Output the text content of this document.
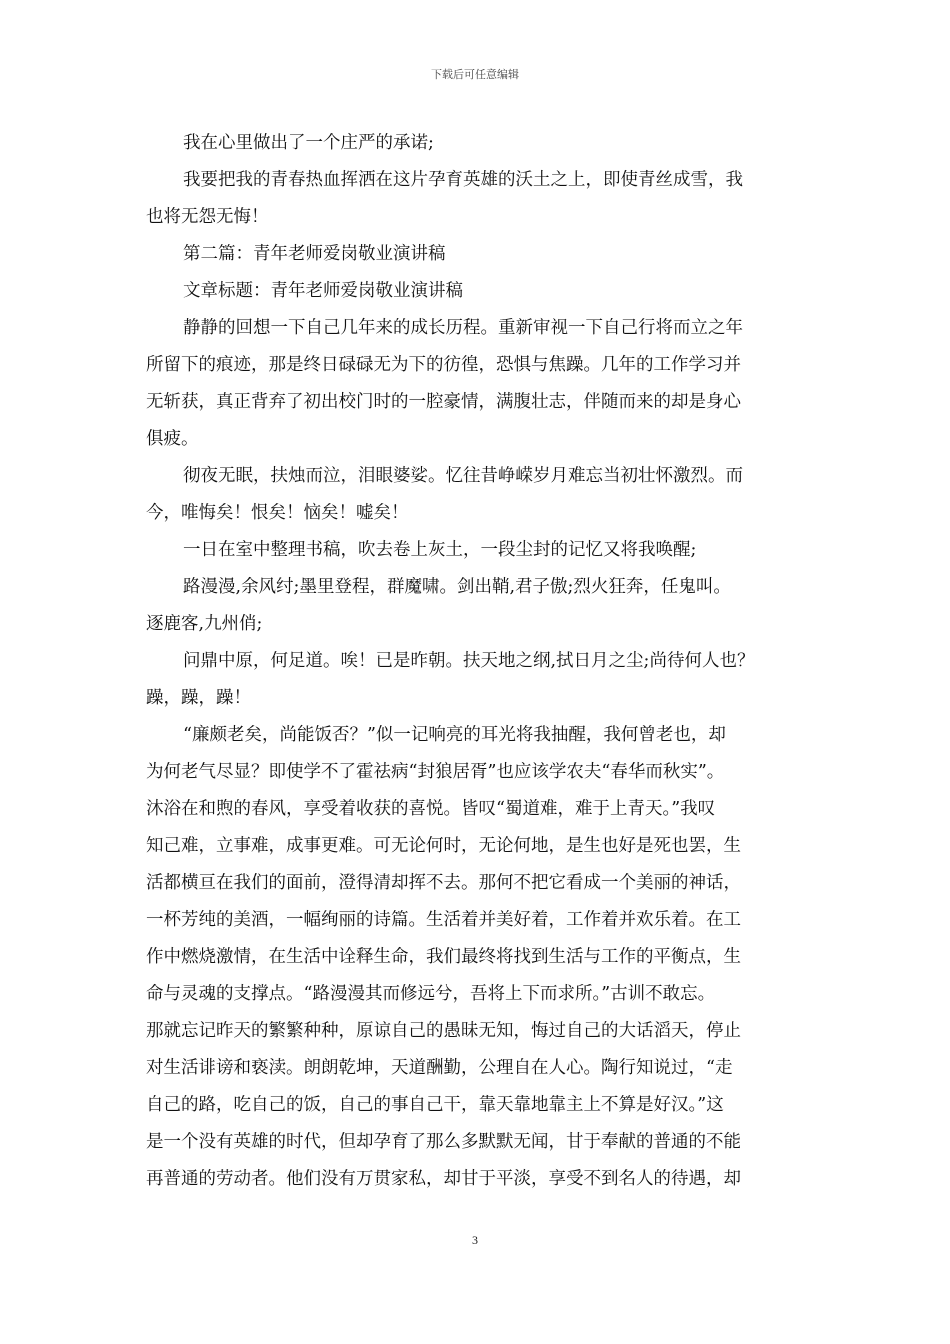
下载后可任意编辑
我在心里做出了一个庄严的承诺;
我要把我的青春热血挥洒在这片孕育英雄的沃土之上，即使青丝成雪，我
也将无怨无悔！
第二篇：青年老师爱岗敬业演讲稿
文章标题：青年老师爱岗敬业演讲稿
静静的回想一下自己几年来的成长历程。重新审视一下自己行将而立之年
所留下的痕迹，那是终日碌碌无为下的彷徨，恐惧与焦躁。几年的工作学习并
无斩获，真正背弃了初出校门时的一腔豪情，满腹壮志，伴随而来的却是身心
俱疲。
彻夜无眠，扶烛而泣，泪眼婆娑。忆往昔峥嵘岁月难忘当初壮怀激烈。而
今，唯悔矣！恨矣！恼矣！嘘矣！
一日在室中整理书稿，吹去卷上灰土，一段尘封的记忆又将我唤醒;
路漫漫,余风纣;墨里登程，群魔啸。剑出鞘,君子傲;烈火狂奔，任鬼叫。
逐鹿客,九州俏;
问鼎中原，何足道。唉！已是昨朝。扶天地之纲,拭日月之尘;尚待何人也？
躁，躁，躁！
“廉颇老矣，尚能饭否？”似一记响亮的耳光将我抽醒，我何曾老也，却
为何老气尽显？即使学不了霍祛病“封狼居胥”也应该学农夫“春华而秋实”。
沐浴在和煦的春风，享受着收获的喜悦。皆叹“蜀道难，难于上青天。”我叹
知己难，立事难，成事更难。可无论何时，无论何地，是生也好是死也罢，生
活都横亘在我们的面前，澄得清却挥不去。那何不把它看成一个美丽的神话，
一杯芳纯的美酒，一幅绚丽的诗篇。生活着并美好着，工作着并欢乐着。在工
作中燃烧激情，在生活中诠释生命，我们最终将找到生活与工作的平衡点，生
命与灵魂的支撑点。“路漫漫其而修远兮，吾将上下而求所。”古训不敢忘。
那就忘记昨天的繁繁种种，原谅自己的愚昧无知，悔过自己的大话滔天，停止
对生活诽谤和亵渎。朗朗乾坤，天道酬勤，公理自在人心。陶行知说过，“走
自己的路，吃自己的饭，自己的事自己干，靠天靠地靠主上不算是好汉。”这
是一个没有英雄的时代，但却孕育了那么多默默无闻，甘于奉献的普通的不能
再普通的劳动者。他们没有万贯家私，却甘于平淡，享受不到名人的待遇，却
3
